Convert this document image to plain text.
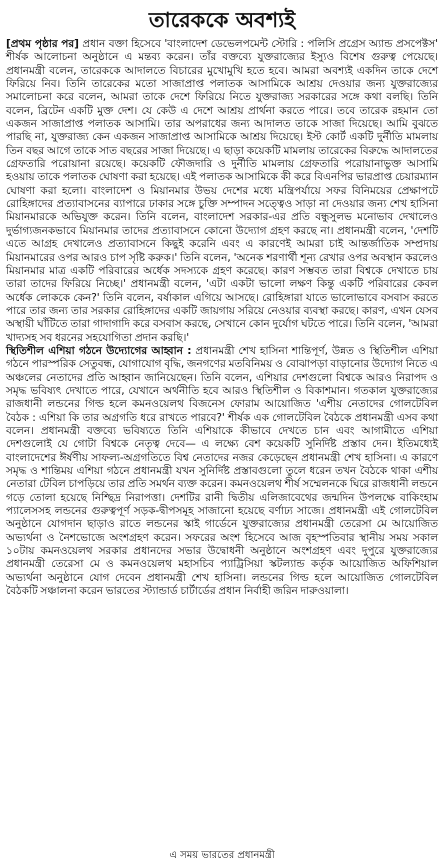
তারেককে অবশ্যই

[প্রথম পৃষ্ঠার পর] প্রধান বক্তা হিসেবে 'বাংলাদেশ ডেভেলপমেন্ট স্টোরি : পলিসি প্রগ্রেস অ্যান্ড প্রসপেক্টস' শীর্ষক আলোচনা অনুষ্ঠানে এ মন্তব্য করেন। তাঁর বক্তব্যে যুক্তরাজ্যের ইস্যুও বিশেষ গুরুত্ব পেয়েছে। প্রধানমন্ত্রী বলেন, তারেককে আদালতে বিচারের মুখোমুখি হতে হবে। আমরা অবশ্যই একদিন তাকে দেশে ফিরিয়ে নিব। তিনি তারেকের মতো সাজাপ্রাপ্ত পলাতক আসামিকে আশ্রয় দেওয়ার জন্য যুক্তরাজ্যের সমালোচনা করে বলেন, আমরা তাকে দেশে ফিরিয়ে নিতে যুক্তরাজ্য সরকারের সঙ্গে কথা বলছি। তিনি বলেন, ব্রিটেন একটি মুক্ত দেশ। যে কেউ এ দেশে আশ্রয় প্রার্থনা করতে পারে। তবে তারেক রহমান তো একজন সাজাপ্রাপ্ত পলাতক আসামি। তার অপরাধের জন্য আদালত তাকে সাজা দিয়েছে। আমি বুঝতে পারছি না, যুক্তরাজ্য কেন একজন সাজাপ্রাপ্ত আসামিকে আশ্রয় দিয়েছে। ইস্ট কোর্ট একটি দুর্নীতি মামলায় তিন বছর আগে তাকে সাত বছরের সাজা দিয়েছে। এ ছাড়া কয়েকটি মামলায় তারেকের বিরুদ্ধে আদালতের গ্রেফতারি পরোয়ানা রয়েছে। কয়েকটি ফৌজদারি ও দুর্নীতি মামলায় গ্রেফতারি পরোয়ানাভুক্ত আসামি হওয়ায় তাকে পলাতক ঘোষণা করা হয়েছে। এই পলাতক আসামিকে কী করে বিএনপির ভারপ্রাপ্ত চেয়ারম্যান ঘোষণা করা হলো। বাংলাদেশ ও মিয়ানমার উভয় দেশের মধ্যে মন্ত্রিপর্যায়ে সফর বিনিময়ের প্রেক্ষাপটে রোহিঙ্গাদের প্রত্যাবাসনের ব্যাপারে ঢাকার সঙ্গে চুক্তি সম্পাদন সত্ত্বেও সাড়া না দেওয়ার জন্য শেখ হাসিনা মিয়ানমারকে অভিযুক্ত করেন। তিনি বলেন, বাংলাদেশ সরকার-এর প্রতি বন্ধুসুলভ মনোভাব দেখালেও দুর্ভাগ্যজনকভাবে মিয়ানমার তাদের প্রত্যাবাসনে কোনো উদ্যোগ গ্রহণ করছে না। প্রধানমন্ত্রী বলেন, 'দেশটি এতে আগ্রহ দেখালেও প্রত্যাবাসনে কিছুই করেনি এবং এ কারণেই আমরা চাই আন্তর্জাতিক সম্প্রদায় মিয়ানমারের ওপর আরও চাপ সৃষ্টি করুক।' তিনি বলেন, 'অনেক শরণার্থী শূন্য রেখার ওপর অবস্থান করলেও মিয়ানমার মাত্র একটি পরিবারের অর্ধেক সদস্যকে গ্রহণ করেছে। কারণ সম্ভবত তারা বিশ্বকে দেখাতে চায় তারা তাদের ফিরিয়ে নিচ্ছে।' প্রধানমন্ত্রী বলেন, 'এটা একটা ভালো লক্ষণ কিন্তু একটি পরিবারের কেবল অর্ধেক লোককে কেন?' তিনি বলেন, বর্ষাকাল এগিয়ে আসছে। রোহিঙ্গারা যাতে ভালোভাবে বসবাস করতে পারে তার জন্য তার সরকার রোহিঙ্গাদের একটি জায়গায় সরিয়ে নেওয়ার ব্যবস্থা করছে। কারণ, এখন যেসব অস্থায়ী ঘাঁটিতে তারা গাদাগাদি করে বসবাস করছে, সেখানে কোন দুর্যোগ ঘটতে পারে। তিনি বলেন, 'আমরা খাদ্যসহ সব ধরনের সহযোগিতা প্রদান করছি।'

স্থিতিশীল এশিয়া গঠনে উদ্যোগের আহ্বান : প্রধানমন্ত্রী শেখ হাসিনা শান্তিপূর্ণ, উন্নত ও স্থিতিশীল এশিয়া গঠনে পারস্পরিক সেতুবন্ধ, যোগাযোগ বৃদ্ধি, জনগণের মতবিনিময় ও বোঝাপড়া বাড়ানোর উদ্যোগ নিতে এ অঞ্চলের নেতাদের প্রতি আহ্বান জানিয়েছেন। তিনি বলেন, এশিয়ার দেশগুলো বিশ্বকে আরও নিরাপদ ও সমৃদ্ধ ভবিষ্যৎ দেখাতে পারে, যেখানে অর্থনীতি হবে আরও স্থিতিশীল ও বিকাশমান। গতকাল যুক্তরাজ্যের রাজধানী লন্ডনের গিল্ড হলে কমনওয়েলথ বিজনেস ফোরাম আয়োজিত 'এশীয় নেতাদের গোলটেবিল বৈঠক : এশিয়া কি তার অগ্রগতি ধরে রাখতে পারবে?' শীর্ষক এক গোলটেবিল বৈঠকে প্রধানমন্ত্রী এসব কথা বলেন। প্রধানমন্ত্রী বক্তব্যে ভবিষ্যতে তিনি এশিয়াকে কীভাবে দেখতে চান এবং আগামীতে এশিয়া দেশগুলোই যে গোটা বিশ্বকে নেতৃত্ব দেবে— এ লক্ষ্যে বেশ কয়েকটি সুনির্দিষ্ট প্রস্তাব দেন। ইতিমধ্যেই বাংলাদেশের ঈর্ষণীয় সাফল্য-অগ্রগতিতে বিশ্ব নেতাদের নজর কেড়েছেন প্রধানমন্ত্রী শেখ হাসিনা। এ কারণে সমৃদ্ধ ও শান্তিময় এশিয়া গঠনে প্রধানমন্ত্রী যখন সুনির্দিষ্ট প্রস্তাবগুলো তুলে ধরেন তখন বৈঠকে থাকা এশীয় নেতারা টেবিল চাপড়িয়ে তার প্রতি সমর্থন ব্যক্ত করেন। কমনওয়েলথ শীর্ষ সম্মেলনকে ঘিরে রাজধানী লন্ডনে গড়ে তোলা হয়েছে নিশ্ছিদ্র নিরাপত্তা। দেশটির রানী দ্বিতীয় এলিজাবেথের জন্মদিন উপলক্ষে বাকিংহাম প্যালেসসহ লন্ডনের গুরুত্বপূর্ণ সড়ক-দ্বীপসমূহ সাজানো হয়েছে বর্ণাঢ্য সাজে। প্রধানমন্ত্রী এই গোলটেবিল অনুষ্ঠানে যোগদান ছাড়াও রাতে লন্ডনের স্কাই গার্ডেনে যুক্তরাজ্যের প্রধানমন্ত্রী তেরেসা মে আয়োজিত অভ্যর্থনা ও নৈশভোজে অংশগ্রহণ করেন। সফরের অংশ হিসেবে আজ বৃহস্পতিবার স্থানীয় সময় সকাল ১০টায় কমনওয়েলথ সরকার প্রধানদের সভার উদ্বোধনী অনুষ্ঠানে অংশগ্রহণ এবং দুপুরে যুক্তরাজ্যের প্রধানমন্ত্রী তেরেসা মে ও কমনওয়েলথ মহাসচিব প্যাট্রিসিয়া স্কটল্যান্ড কর্তৃক আয়োজিত অফিশিয়াল অভ্যর্থনা অনুষ্ঠানে যোগ দেবেন প্রধানমন্ত্রী শেখ হাসিনা। লন্ডনের গিল্ড হলে আয়োজিত গোলটেবিল বৈঠকটি সঞ্চালনা করেন ভারতের স্ট্যান্ডার্ড চার্টার্ডের প্রধান নির্বাহী জরিন দারুওয়ালা।

এ সময় ভারতের প্রধানমন্ত্রী
